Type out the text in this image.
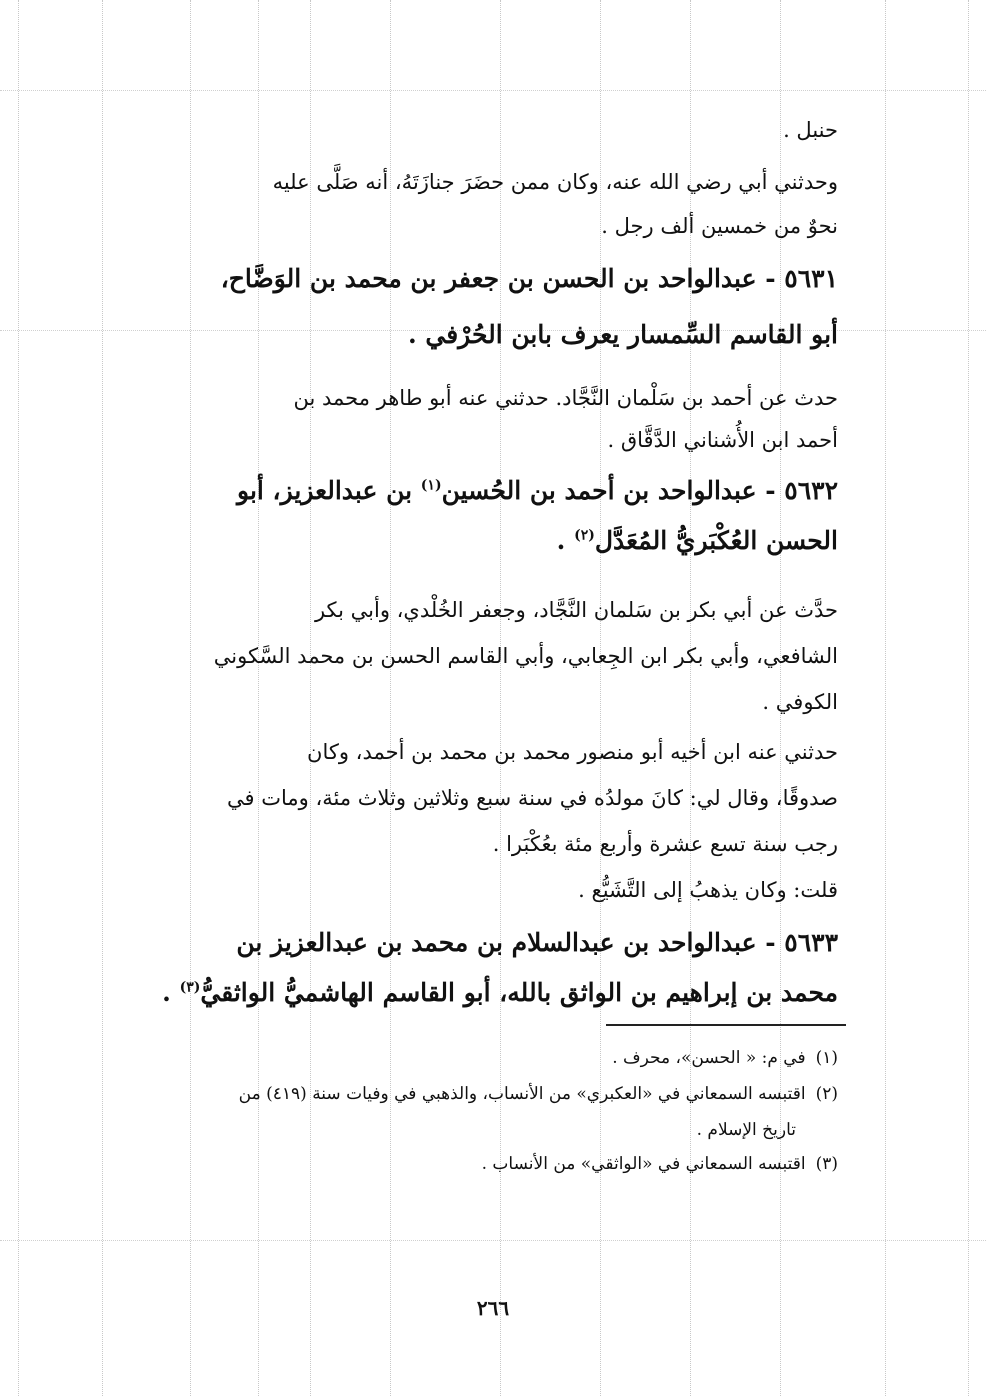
حنبل .
وحدثني أبي رضي الله عنه، وكان ممن حضَرَ جنازَتَهُ، أنه صَلَّى عليه
نحوٌ من خمسين ألف رجل .
٥٦٣١ - عبدالواحد بن الحسن بن جعفر بن محمد بن الوَضَّاح،
أبو القاسم السِّمسار يعرف بابن الحُرْفي .
حدث عن أحمد بن سَلْمان النَّجَّاد. حدثني عنه أبو طاهر محمد بن
أحمد ابن الأُشناني الدَّقَّاق .
٥٦٣٢ - عبدالواحد بن أحمد بن الحُسين$^{(١)}$ بن عبدالعزيز، أبو
الحسن العُكْبَريُّ المُعَدَّل$^{(٢)}$ .
حدَّث عن أبي بكر بن سَلمان النَّجَّاد، وجعفر الخُلْدي، وأبي بكر
الشافعي، وأبي بكر ابن الجِعابي، وأبي القاسم الحسن بن محمد السَّكوني
الكوفي .
حدثني عنه ابن أخيه أبو منصور محمد بن محمد بن أحمد، وكان
صدوقًا، وقال لي: كانَ مولدُه في سنة سبع وثلاثين وثلاث مئة، ومات في
رجب سنة تسع عشرة وأربع مئة بعُكْبَرا .
قلت: وكان يذهبُ إلى التَّشَيُّع .
٥٦٣٣ - عبدالواحد بن عبدالسلام بن محمد بن عبدالعزيز بن
محمد بن إبراهيم بن الواثق بالله، أبو القاسم الهاشميُّ الواثقيُّ$^{(٣)}$ .
(١)في م: « الحسن»، محرف .
(٢)اقتبسه السمعاني في «العكبري» من الأنساب، والذهبي في وفيات سنة (٤١٩) من
تاريخ الإسلام .
(٣)اقتبسه السمعاني في «الواثقي» من الأنساب .
٢٦٦
